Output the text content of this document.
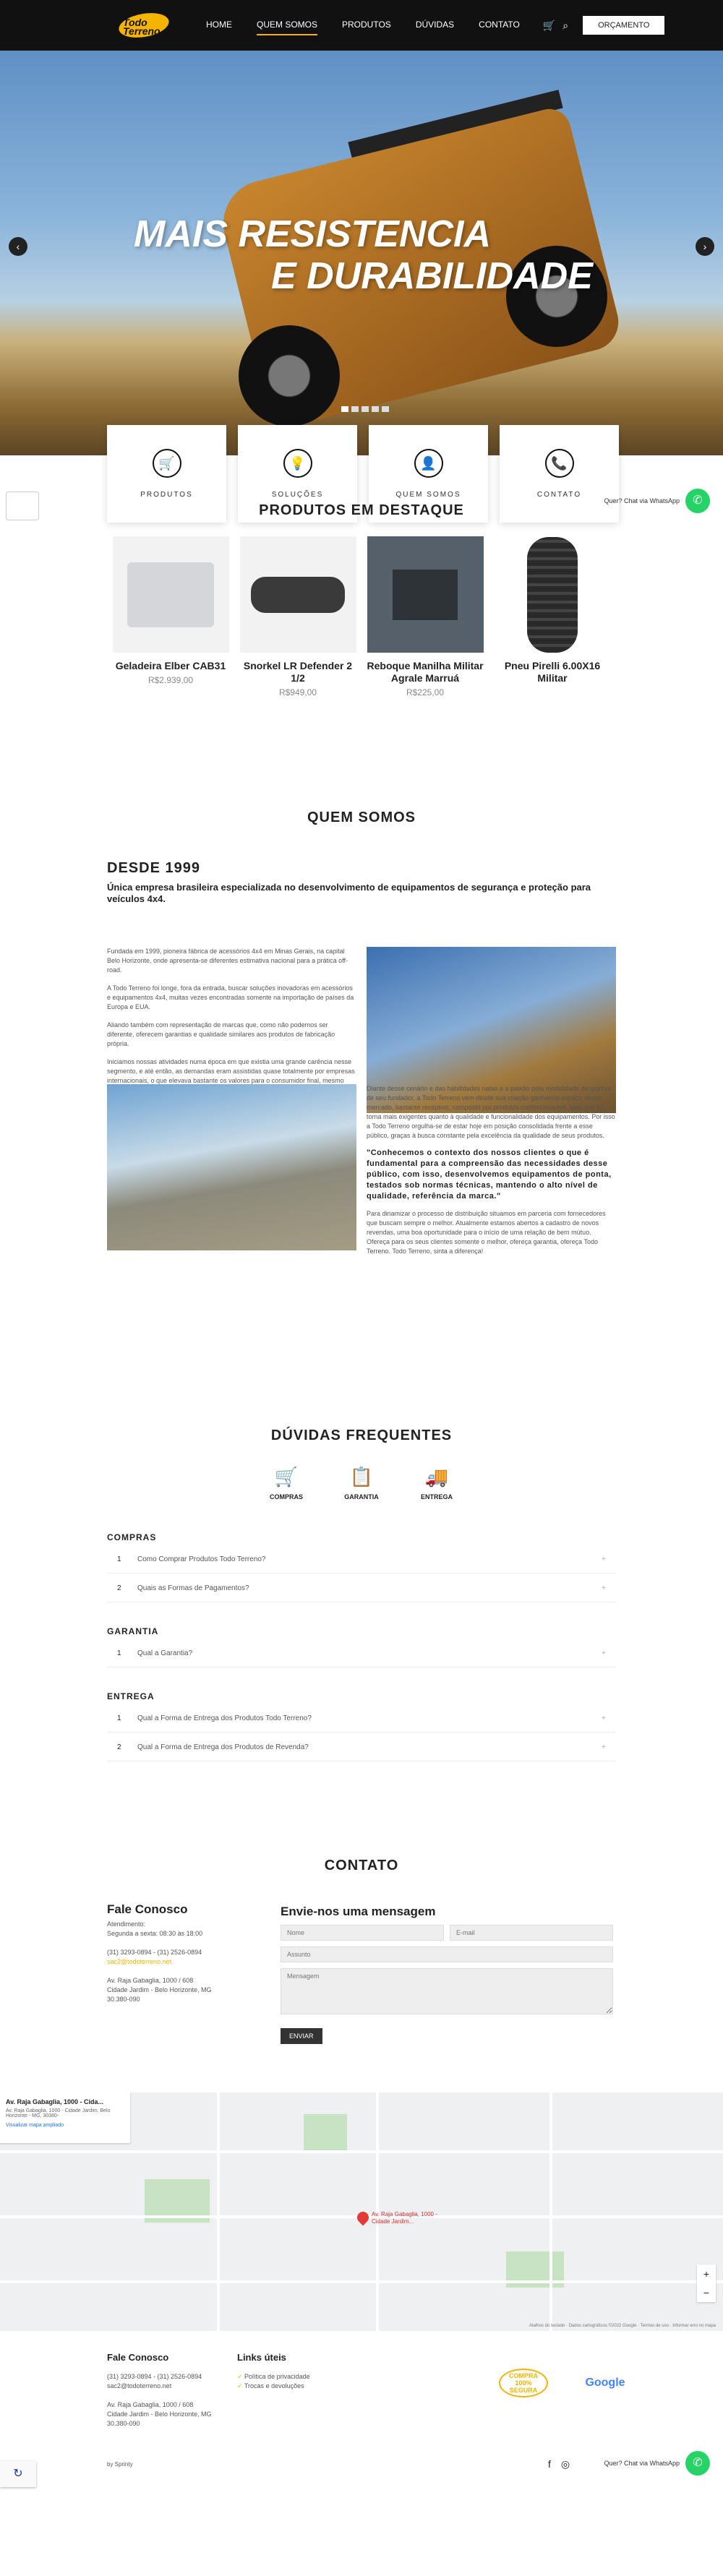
Todo Terreno
HOME	QUEM SOMOS	PRODUTOS	DÚVIDAS	CONTATO 🛒 ⌕	ORÇAMENTO
MAIS RESISTENCIA
E DURABILIDADE
‹	›
🛒
PRODUTOS
💡
SOLUÇÕES
👤
QUEM SOMOS
📞
CONTATO
Quer? Chat via WhatsApp	✆
PRODUTOS EM DESTAQUE
Geladeira Elber CAB31
R$2.939,00
Snorkel LR Defender 2 1/2
R$949,00
Reboque Manilha Militar Agrale Marruá
R$225,00
Pneu Pirelli 6.00X16 Militar
QUEM SOMOS
DESDE 1999

Única empresa brasileira especializada no desenvolvimento de equipamentos de segurança e proteção para veículos 4x4.

Fundada em 1999, pioneira fábrica de acessórios 4x4 em Minas Gerais, na capital Belo Horizonte, onde apresenta-se diferentes estimativa nacional para a prática off-road.

A Todo Terreno foi longe, fora da entrada, buscar soluções inovadoras em acessórios e equipamentos 4x4, muitas vezes encontradas somente na importação de países da Europa e EUA.

Aliando também com representação de marcas que, como não podemos ser diferente, oferecem garantias e qualidade similares aos produtos de fabricação própria.

Iniciamos nossas atividades numa época em que existia uma grande carência nesse segmento, e até então, as demandas eram assistidas quase totalmente por empresas internacionais, o que elevava bastante os valores para o consumidor final, mesmo

Diante desse cenário e das habilidades natas e a paixão pela modalidade desportiva de seu fundador, a Todo Terreno vem desde sua criação ganhando espaço nesse mercado, bastante receptivo, composto por produtos confeccionados, falar que os torna mais exigentes quanto à qualidade e funcionalidade dos equipamentos. Por isso a Todo Terreno orgulha-se de estar hoje em posição consolidada frente a esse público, graças à busca constante pela excelência da qualidade de seus produtos.

"Conhecemos o contexto dos nossos clientes o que é fundamental para a compreensão das necessidades desse público, com isso, desenvolvemos equipamentos de ponta, testados sob normas técnicas, mantendo o alto nível de qualidade, referência da marca."

Para dinamizar o processo de distribuição situamos em parceria com fornecedores que buscam sempre o melhor. Atualmente estamos abertos a cadastro de novos revendas, uma boa oportunidade para o início de uma relação de bem mútuo. Ofereça para os seus clientes somente o melhor, ofereça garantia, ofereça Todo Terreno. Todo Terreno, sinta a diferença!

DÚVIDAS FREQUENTES
🛒
COMPRAS
📋
GARANTIA
🚚
ENTREGA
COMPRAS
1	Como Comprar Produtos Todo Terreno?	+
2	Quais as Formas de Pagamentos?	+
GARANTIA
1	Qual a Garantia?	+
ENTREGA
1	Qual a Forma de Entrega dos Produtos Todo Terreno?	+
2	Qual a Forma de Entrega dos Produtos de Revenda?	+
CONTATO
Fale Conosco
Atendimento:
Segunda a sexta: 08:30 às 18:00

(31) 3293-0894 - (31) 2526-0894
sac2@todoterreno.net

Av. Raja Gabaglia, 1000 / 608
Cidade Jardim - Belo Horizonte, MG
30.380-090
Envie-nos uma mensagem
Nome
E-mail
Assunto Mensagem ENVIAR
Av. Raja Gabaglia, 1000 - Cida...
Av. Raja Gabaglia, 1000 - Cidade Jardim, Belo Horizonte - MG, 30380-
Visualizar mapa ampliado
Av. Raja Gabaglia, 1000 - Cidade Jardim...
+
−
Atalhos do teclado · Dados cartográficos ©2022 Google · Termos de uso · Informar erro no mapa
Fale Conosco
(31) 3293-0894 - (31) 2526-0894
sac2@todoterreno.net

Av. Raja Gabaglia, 1000 / 608
Cidade Jardim - Belo Horizonte, MG
30.380-090
Links úteis
✓ Política de privacidade
✓ Trocas e devoluções
COMPRA 100% SEGURA
Google
by Sprinty	f ◎	Quer? Chat via WhatsApp	✆
↻
